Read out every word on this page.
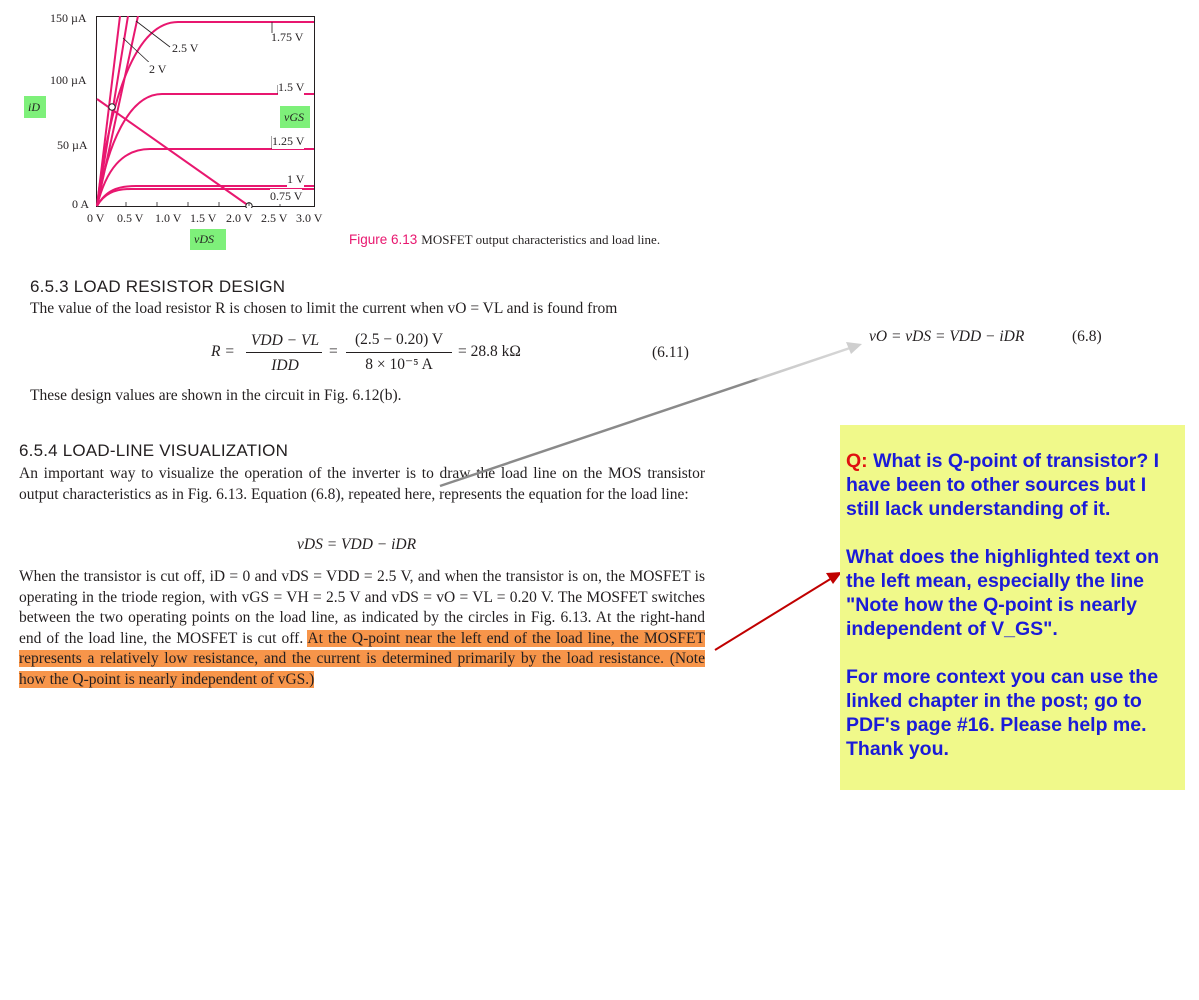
150 µA
100 µA
50 µA
0 A
iD
2.5 V
2 V
1.75 V
1.5 V
vGS
1.25 V
1 V
0.75 V
0 V 0.5 V 1.0 V 1.5 V 2.0 V 2.5 V 3.0 V
vDS	Figure 6.13 MOSFET output characteristics and load line.
6.5.3 LOAD RESISTOR DESIGN
The value of the load resistor R is chosen to limit the current when vO = VL and is found from
R =
VDD − VL
IDD
=
(2.5 − 0.20) V
8 × 10⁻⁵ A
= 28.8 kΩ	(6.11)
These design values are shown in the circuit in Fig. 6.12(b).
vO = vDS = VDD − iDR	(6.8)
6.5.4 LOAD-LINE VISUALIZATION
An important way to visualize the operation of the inverter is to draw the load line on the MOS transistor output characteristics as in Fig. 6.13. Equation (6.8), repeated here, represents the equation for the load line:
vDS = VDD − iDR
When the transistor is cut off, iD = 0 and vDS = VDD = 2.5 V, and when the transistor is on, the MOSFET is operating in the triode region, with vGS = VH = 2.5 V and vDS = vO = VL = 0.20 V. The MOSFET switches between the two operating points on the load line, as indicated by the circles in Fig. 6.13. At the right-hand end of the load line, the MOSFET is cut off. At the Q-point near the left end of the load line, the MOSFET represents a relatively low resistance, and the current is determined primarily by the load resistance. (Note how the Q-point is nearly independent of vGS.)

Q: What is Q-point of transistor? I have been to other sources but I still lack understanding of it.

What does the highlighted text on the left mean, especially the line "Note how the Q-point is nearly independent of V_GS".

For more context you can use the linked chapter in the post; go to PDF's page #16. Please help me. Thank you.
